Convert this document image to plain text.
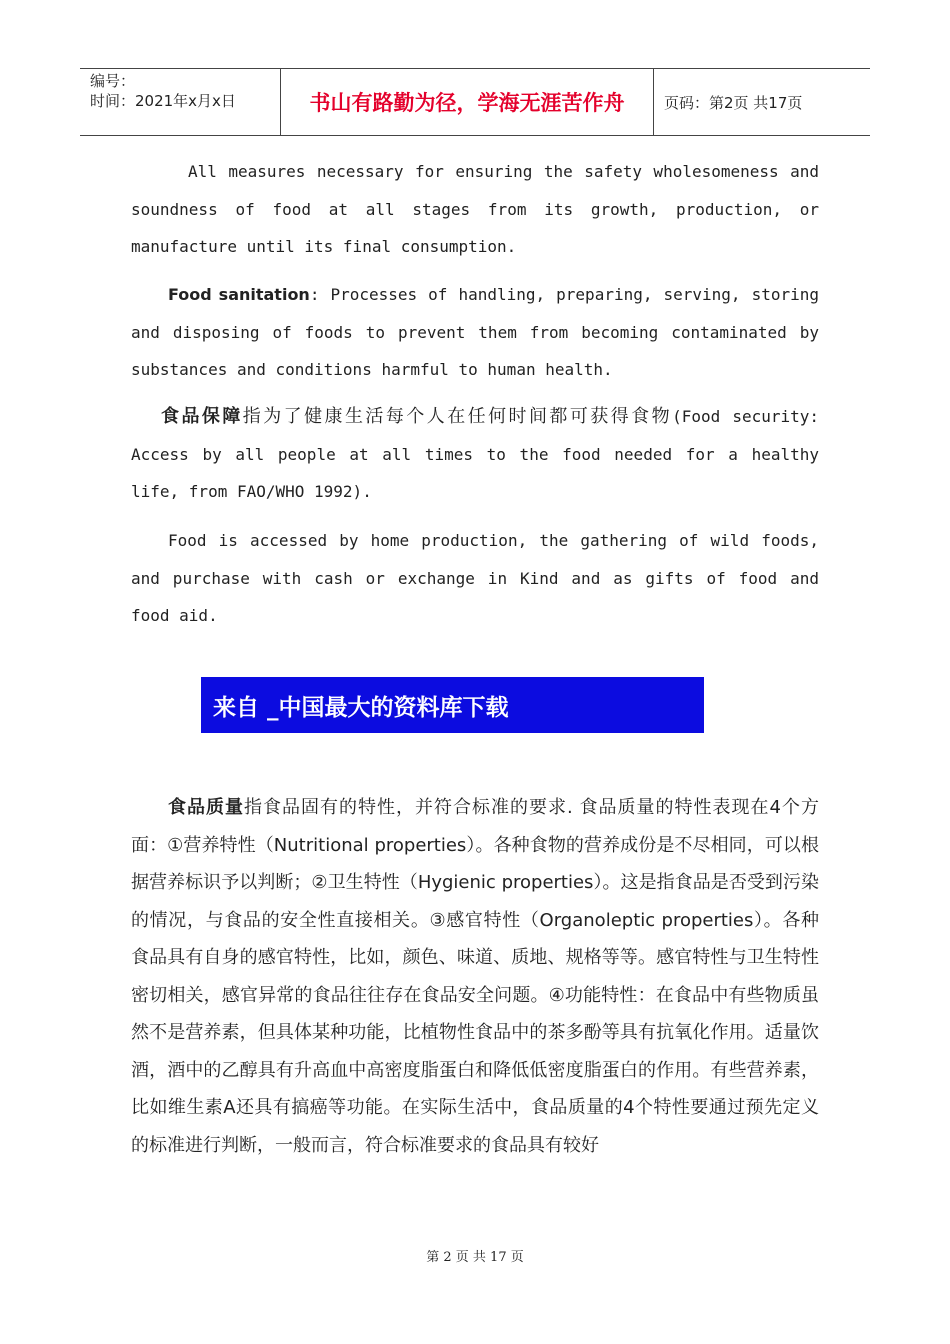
编号：
时间：2021年x月x日	书山有路勤为径，学海无涯苦作舟	页码：第2页 共17页

All measures necessary for ensuring the safety wholesomeness and soundness of food at all stages from its growth, production, or manufacture until its final consumption.

Food sanitation: Processes of handling, preparing, serving, storing and disposing of foods to prevent them from becoming contaminated by substances and conditions harmful to human health.

食品保障指为了健康生活每个人在任何时间都可获得食物(Food security: Access by all people at all times to the food needed for a healthy life, from FAO/WHO 1992).

Food is accessed by home production, the gathering of wild foods, and purchase with cash or exchange in Kind and as gifts of food and food aid.

来自 _中国最大的资料库下载

食品质量指食品固有的特性，并符合标准的要求. 食品质量的特性表现在4个方面：①营养特性（Nutritional properties）。各种食物的营养成份是不尽相同，可以根据营养标识予以判断；②卫生特性（Hygienic properties）。这是指食品是否受到污染的情况，与食品的安全性直接相关。③感官特性（Organoleptic properties）。各种食品具有自身的感官特性，比如，颜色、味道、质地、规格等等。感官特性与卫生特性密切相关，感官异常的食品往往存在食品安全问题。④功能特性：在食品中有些物质虽然不是营养素，但具体某种功能，比植物性食品中的茶多酚等具有抗氧化作用。适量饮酒，酒中的乙醇具有升高血中高密度脂蛋白和降低低密度脂蛋白的作用。有些营养素，比如维生素A还具有搞癌等功能。在实际生活中，食品质量的4个特性要通过预先定义的标准进行判断，一般而言，符合标准要求的食品具有较好

第 2 页 共 17 页
